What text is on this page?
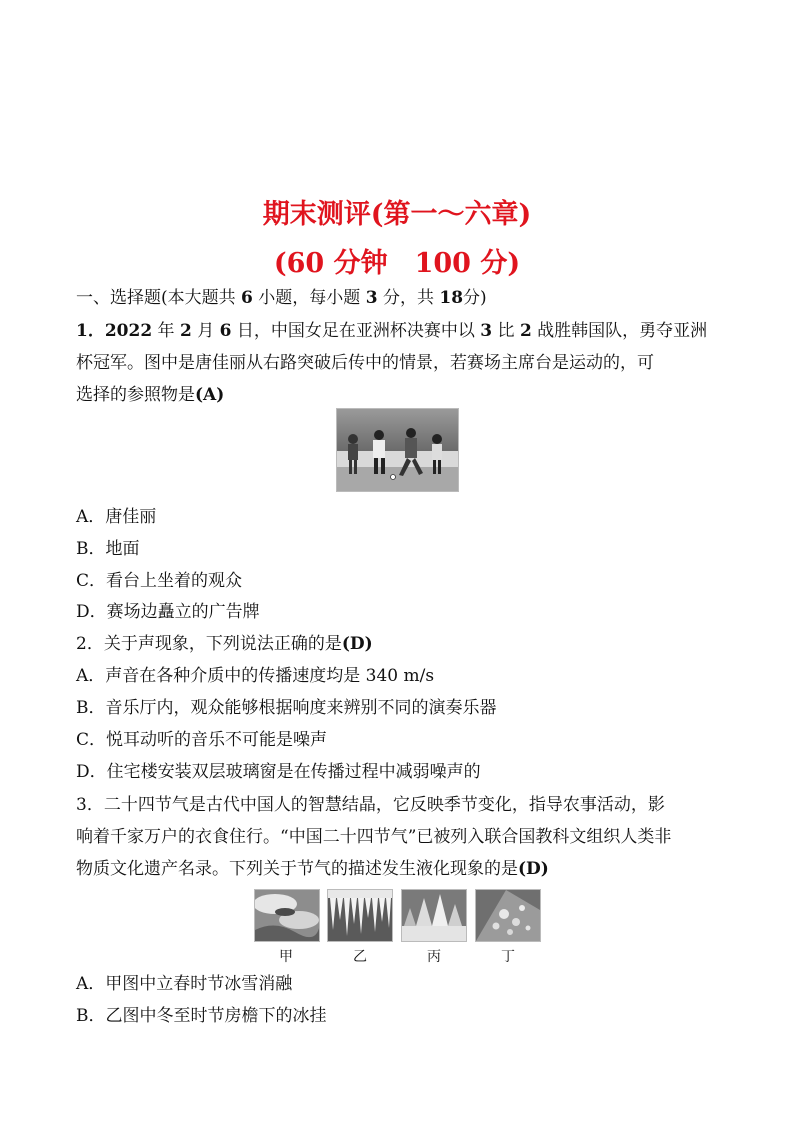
期末测评(第一～六章)
(60 分钟　100 分)
一、选择题(本大题共 6 小题，每小题 3 分，共 18分)
1．2022 年 2 月 6 日，中国女足在亚洲杯决赛中以 3 比 2 战胜韩国队，勇夺亚洲
杯冠军。图中是唐佳丽从右路突破后传中的情景，若赛场主席台是运动的，可
选择的参照物是(A)
A．唐佳丽
B．地面
C．看台上坐着的观众
D．赛场边矗立的广告牌
2．关于声现象，下列说法正确的是(D)
A．声音在各种介质中的传播速度均是 340 m/s
B．音乐厅内，观众能够根据响度来辨别不同的演奏乐器
C．悦耳动听的音乐不可能是噪声
D．住宅楼安装双层玻璃窗是在传播过程中减弱噪声的
3．二十四节气是古代中国人的智慧结晶，它反映季节变化，指导农事活动，影
响着千家万户的衣食住行。“中国二十四节气”已被列入联合国教科文组织人类非
物质文化遗产名录。下列关于节气的描述发生液化现象的是(D)
甲	乙	丙	丁
A．甲图中立春时节冰雪消融
B．乙图中冬至时节房檐下的冰挂
